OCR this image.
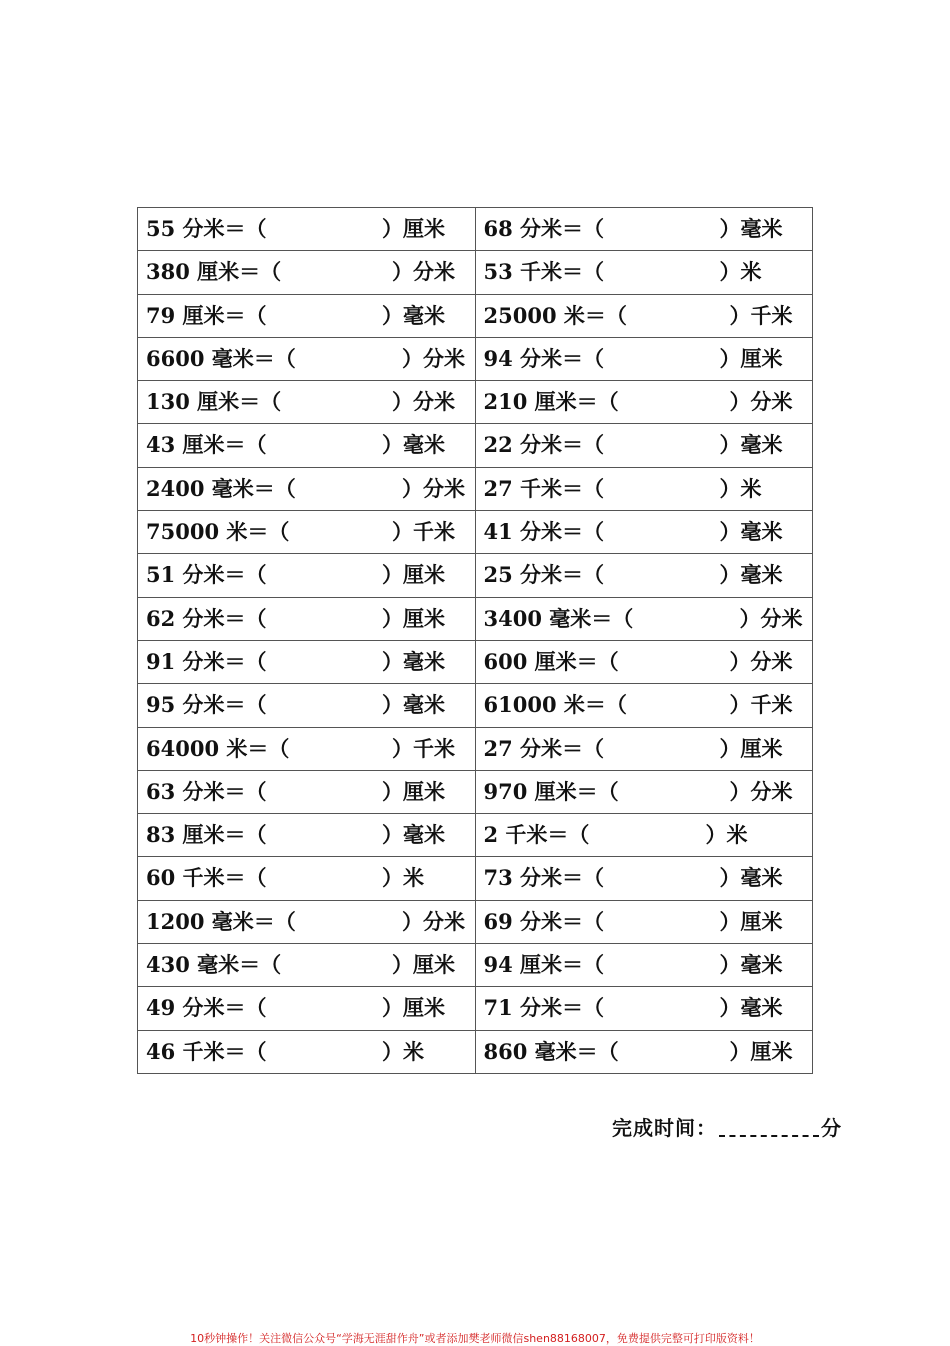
55 分米＝（ ）厘米	68 分米＝（ ）毫米

380 厘米＝（ ）分米	53 千米＝（ ）米

79 厘米＝（ ）毫米	25000 米＝（ ）千米

6600 毫米＝（ ）分米	94 分米＝（ ）厘米

130 厘米＝（ ）分米	210 厘米＝（ ）分米

43 厘米＝（ ）毫米	22 分米＝（ ）毫米

2400 毫米＝（ ）分米	27 千米＝（ ）米

75000 米＝（ ）千米	41 分米＝（ ）毫米

51 分米＝（ ）厘米	25 分米＝（ ）毫米

62 分米＝（ ）厘米	3400 毫米＝（ ）分米

91 分米＝（ ）毫米	600 厘米＝（ ）分米

95 分米＝（ ）毫米	61000 米＝（ ）千米

64000 米＝（ ）千米	27 分米＝（ ）厘米

63 分米＝（ ）厘米	970 厘米＝（ ）分米

83 厘米＝（ ）毫米	2 千米＝（ ）米

60 千米＝（ ）米	73 分米＝（ ）毫米

1200 毫米＝（ ）分米	69 分米＝（ ）厘米

430 毫米＝（ ）厘米	94 厘米＝（ ）毫米

49 分米＝（ ）厘米	71 分米＝（ ）毫米

46 千米＝（ ）米	860 毫米＝（ ）厘米
完成时间：	分
10秒钟操作！关注微信公众号“学海无涯甜作舟”或者添加樊老师微信shen88168007，免费提供完整可打印版资料！
